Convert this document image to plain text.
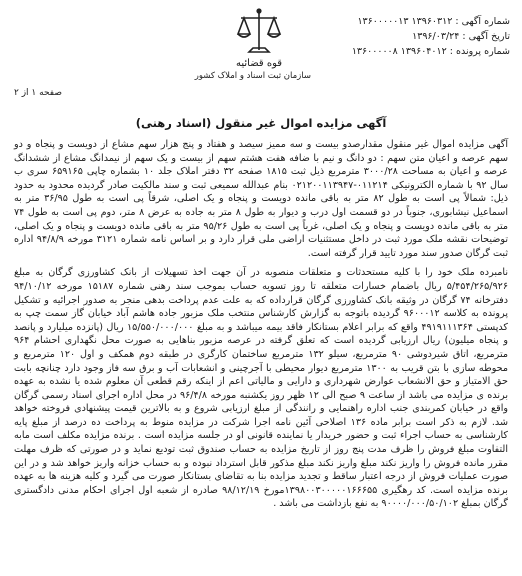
شماره آگهی : ۱۳۹۶۰۳۱۲ ۱۳۶۰۰۰۰۰۱۳
تاریخ آگهی : ۱۳۹۶/۰۳/۲۴
شماره پرونده : ۱۳۹۶۰۴۰۱۲ ۱۳۶۰۰۰۰۰۸
قوه قضائیه
سازمان ثبت اسناد و املاک کشور
صفحه ۱ از ۲
آگهی مزایده اموال غیر منقول (اسناد رهنی)

آگهی مزایده اموال غیر منقول مقدارصدو بیست و سه ممیز سیصد و هفتاد و پنج هزار سهم مشاع از دویست و پنجاه و دو سهم عرصه و اعیان متن سهم : دو دانگ و نیم با ضافه هفت هشتم سهم از بیست و یک سهم از نیمدانگ مشاع از ششدانگ عرصه و اعیان به مساحت ۳۰۰۰/۲۸ مترمربع ذیل ثبت ۱۸۱۵ صفحه ۳۲ دفتر املاک جلد ۱۰ بشماره چاپی ۶۵۹۱۶۵ سری ب سال ۹۲ با شماره الکترونیکی ۰۱۱۲۱۴-۰۲۱۲۰۰۱۱۳۹۴۷ بنام عبدالله سمیعی ثبت و سند مالکیت صادر گردیده محدود به حدود ذیل: شمالاً پی است به طول ۸۲ متر به باقی مانده دویست و پنجاه و یک اصلی، شرقاً پی است به طول ۳۶/۹۵ متر به اسماعیل نیشابوری، جنوباً در دو قسمت اول درب و دیوار به طول ۸ متر به جاده به عرض ۸ متر، دوم پی است به طول ۷۴ متر به باقی مانده دویست و پنجاه و یک اصلی، غرباً پی است به طول ۹۵/۲۶ متر به باقی مانده دویست و پنجاه و یک اصلی، توضیحات نقشه ملک مورد ثبت در داخل مستثنیات اراضی ملی قرار دارد و بر اساس نامه شماره ۳۱۲۱ مورخه ۹۴/۸/۹ اداره ثبت گرگان صدور سند مورد تایید قرار گرفته است.

نامبرده ملک خود را با کلیه مستحدثات و متعلقات منصوبه در آن جهت اخذ تسهیلات از بانک کشاورزی گرگان به مبلغ ۵/۴۵۴/۲۶۵/۹۲۶ ریال باضمام خسارات متعلقه تا روز تسویه حساب بموجب سند رهنی شماره ۱۵۱۸۷ مورخه ۹۴/۱۰/۱۲ دفترخانه ۷۴ گرگان در وثیقه بانک کشاورزی گرگان قرارداده که به علت عدم پرداخت بدهی منجر به صدور اجرائیه و تشکیل پرونده به کلاسه ۹۶۰۰۰۱۲ گردیده باتوجه به گزارش کارشناس منتخب ملک مزبور جاده هاشم آباد خیابان گاز سمت چپ به کدپستی ۴۹۱۹۱۱۱۳۶۴ واقع که برابر اعلام بستانکار فاقد بیمه میباشد و به مبلغ ۱۵/۵۵۰/۰۰۰/۰۰۰ ریال (پانزده میلیارد و پانصد و پنجاه میلیون) ریال ارزیابی گردیده است که تعلق گرفته در عرصه مزبور بناهایی به صورت محل نگهداری احشام ۹۶۴ مترمربع، اتاق شیردوشی ۹۰ مترمربع، سیلو ۱۳۲ مترمربع ساختمان کارگری در طبقه دوم همکف و اول ۱۲۰ مترمربع و محوطه سازی با بتن قریب به ۱۳۰۰ مترمربع دیوار محیطی با آجرچینی و انشعابات آب و برق سه فاز وجود دارد چنانچه بابت حق الامتیاز و حق الانشعاب عوارض شهرداری و دارایی و مالیاتی اعم از اینکه رقم قطعی آن معلوم شده یا نشده به عهده برنده ی مزایده می باشد از ساعت ۹ صبح الی ۱۲ ظهر روز یکشنبه مورخه ۹۶/۴/۸ در محل اداره اجرای اسناد رسمی گرگان واقع در خیابان کمربندی جنب اداره راهنمایی و رانندگی از مبلغ ارزیابی شروع و به بالاترین قیمت پیشنهادی فروخته خواهد شد. لازم به ذکر است برابر ماده ۱۳۶ اصلاحی آئین نامه اجرا شرکت در مزایده منوط به پرداخت ده درصد از مبلغ پایه کارشناسی به حساب اجراء ثبت و حضور خریدار یا نماینده قانونی او در جلسه مزایده است . برنده مزایده مکلف است مابه التفاوت مبلغ فروش را ظرف مدت پنج روز از تاریخ مزایده به حساب صندوق ثبت تودیع نماید و در صورتی که ظرف مهلت مقرر مانده فروش را واریز نکند مبلغ واریز نکند مبلغ مذکور قابل استرداد نبوده و به حساب خزانه واریز خواهد شد و در این صورت عملیات فروش از درجه اعتبار ساقط و تجدید مزایده بنا به تقاضای بستانکار صورت می گیرد و کلیه هزینه ها به عهده برنده مزایده است. کد رهگیری ۱۳۹۸۰۰۳۰۰۰۰۰۱۶۶۶۵۵مورخ ۹۸/۱۲/۱۹ صادره از شعبه اول اجرای احکام مدنی دادگستری گرگان بمبلغ ۹۰۰۰۰/۰۰۰/۵۰/۱۰۲ به نفع بازداشت می باشد .
